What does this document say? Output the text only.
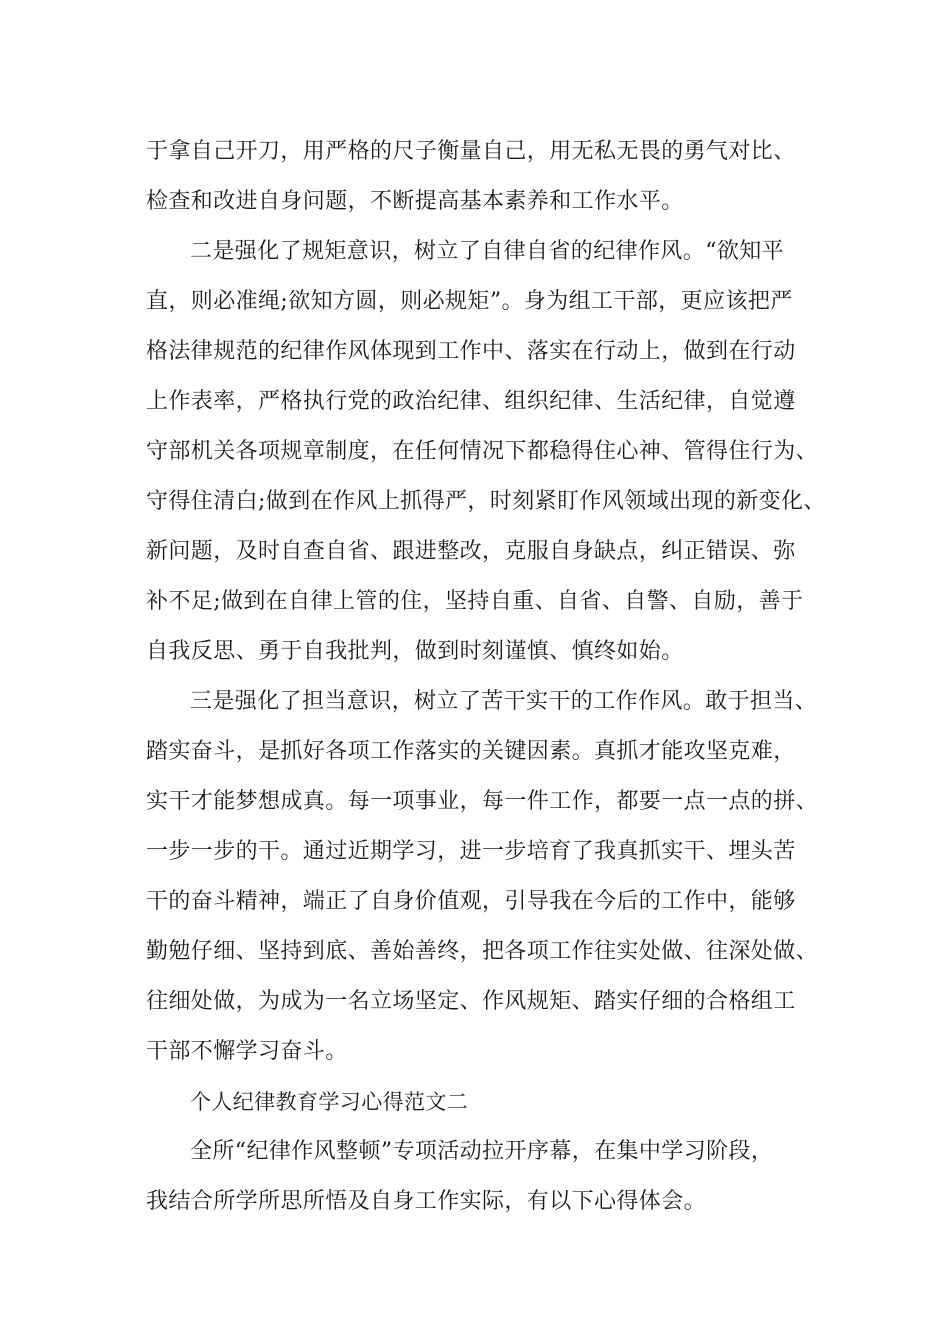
于拿自己开刀，用严格的尺子衡量自己，用无私无畏的勇气对比、
检查和改进自身问题，不断提高基本素养和工作水平。
二是强化了规矩意识，树立了自律自省的纪律作风。“欲知平
直，则必准绳;欲知方圆，则必规矩”。身为组工干部，更应该把严
格法律规范的纪律作风体现到工作中、落实在行动上，做到在行动
上作表率，严格执行党的政治纪律、组织纪律、生活纪律，自觉遵
守部机关各项规章制度，在任何情况下都稳得住心神、管得住行为、
守得住清白;做到在作风上抓得严，时刻紧盯作风领域出现的新变化、
新问题，及时自查自省、跟进整改，克服自身缺点，纠正错误、弥
补不足;做到在自律上管的住，坚持自重、自省、自警、自励，善于
自我反思、勇于自我批判，做到时刻谨慎、慎终如始。
三是强化了担当意识，树立了苦干实干的工作作风。敢于担当、
踏实奋斗，是抓好各项工作落实的关键因素。真抓才能攻坚克难，
实干才能梦想成真。每一项事业，每一件工作，都要一点一点的拼、
一步一步的干。通过近期学习，进一步培育了我真抓实干、埋头苦
干的奋斗精神，端正了自身价值观，引导我在今后的工作中，能够
勤勉仔细、坚持到底、善始善终，把各项工作往实处做、往深处做、
往细处做，为成为一名立场坚定、作风规矩、踏实仔细的合格组工
干部不懈学习奋斗。
个人纪律教育学习心得范文二
全所“纪律作风整顿”专项活动拉开序幕，在集中学习阶段，
我结合所学所思所悟及自身工作实际，有以下心得体会。
